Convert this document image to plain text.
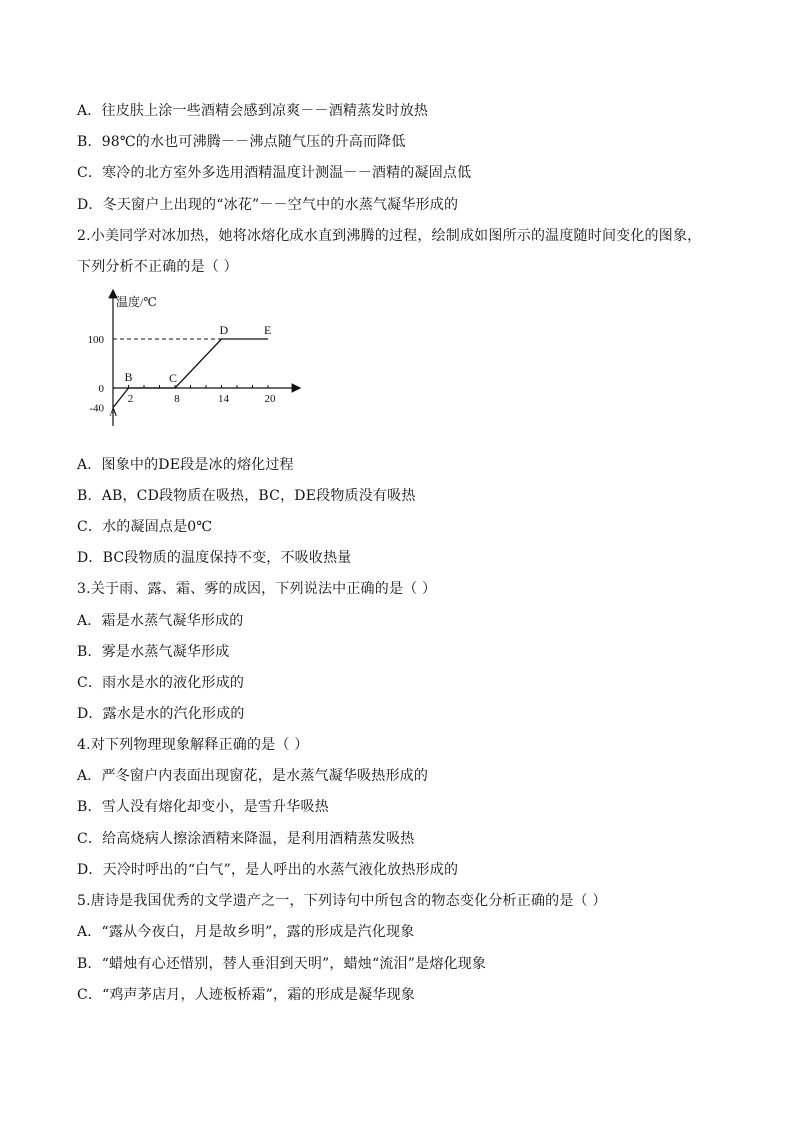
A．往皮肤上涂一些酒精会感到凉爽－－酒精蒸发时放热
B．98℃的水也可沸腾－－沸点随气压的升高而降低
C．寒冷的北方室外多选用酒精温度计测温－－酒精的凝固点低
D．冬天窗户上出现的“冰花”－－空气中的水蒸气凝华形成的
2.小美同学对冰加热，她将冰熔化成水直到沸腾的过程，绘制成如图所示的温度随时间变化的图象，
下列分析不正确的是（ ）
温度/℃
2	8	14	20
100
0
-40 A
B	C
D	E
A．图象中的DE段是冰的熔化过程
B．AB，CD段物质在吸热，BC，DE段物质没有吸热
C．水的凝固点是0℃
D．BC段物质的温度保持不变，不吸收热量
3.关于雨、露、霜、雾的成因，下列说法中正确的是（ ）
A．霜是水蒸气凝华形成的
B．雾是水蒸气凝华形成
C．雨水是水的液化形成的
D．露水是水的汽化形成的
4.对下列物理现象解释正确的是（ ）
A．严冬窗户内表面出现窗花，是水蒸气凝华吸热形成的
B．雪人没有熔化却变小，是雪升华吸热
C．给高烧病人擦涂酒精来降温，是利用酒精蒸发吸热
D．天冷时呼出的“白气”，是人呼出的水蒸气液化放热形成的
5.唐诗是我国优秀的文学遗产之一，下列诗句中所包含的物态变化分析正确的是（ ）
A．“露从今夜白，月是故乡明”，露的形成是汽化现象
B．“蜡烛有心还惜别，替人垂泪到天明”，蜡烛“流泪”是熔化现象
C．“鸡声茅店月，人迹板桥霜”，霜的形成是凝华现象
